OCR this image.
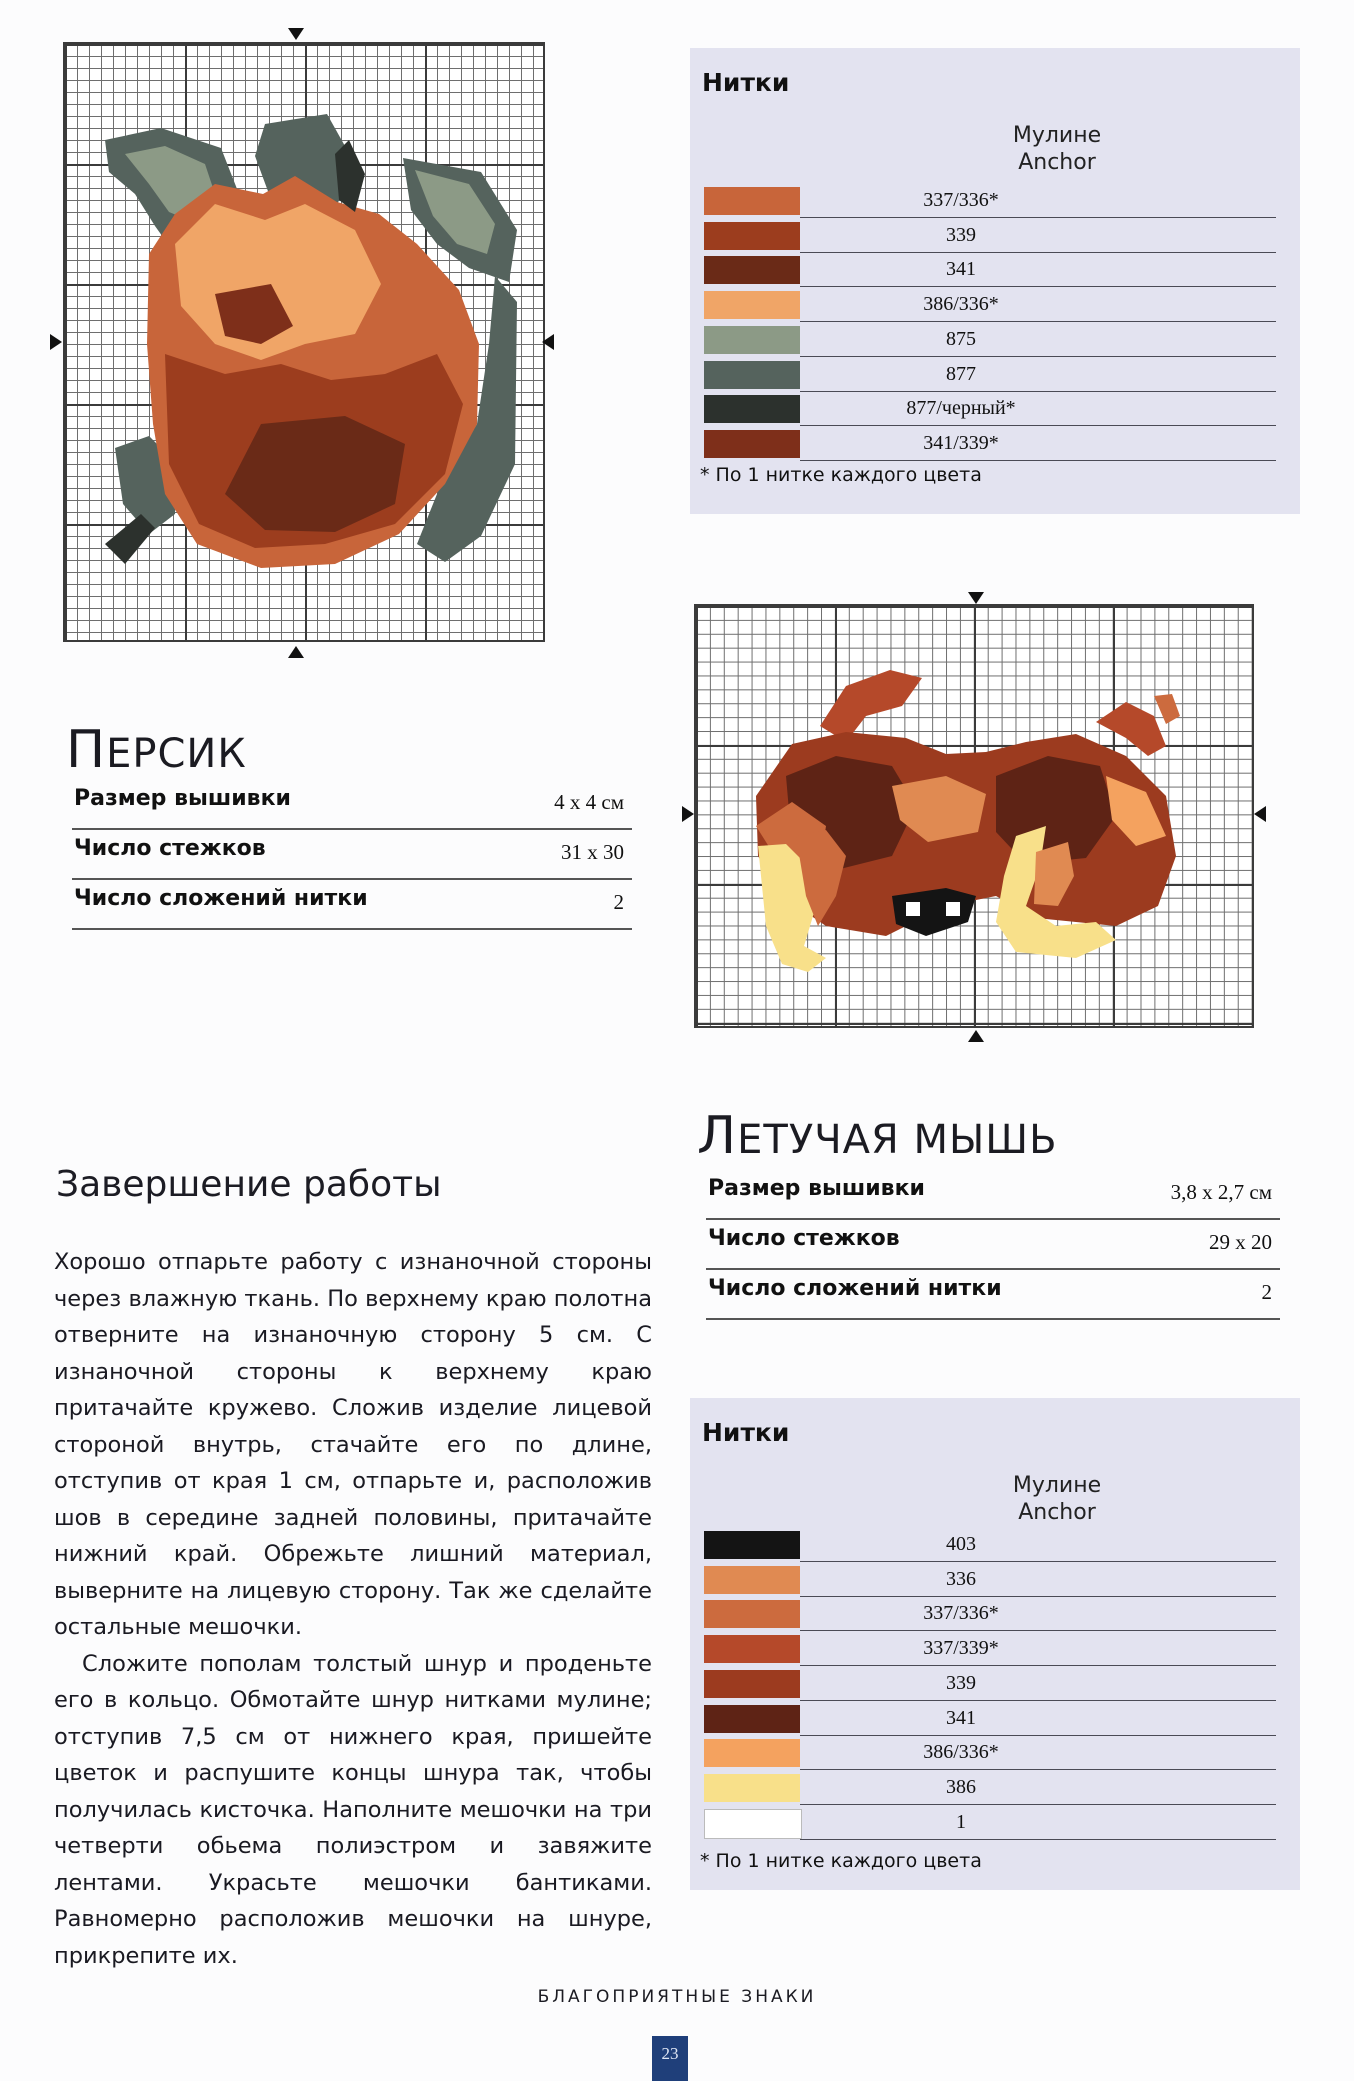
Нитки
Мулине
Anchor
337/336*
339
341
386/336*
875
877
877/черный*
341/339*
* По 1 нитке каждого цвета
ПЕРСИК
Размер вышивки	4 х 4 см
Число стежков	31 х 30
Число сложений нитки	2
ЛЕТУЧАЯ МЫШЬ
Размер вышивки	3,8 х 2,7 см
Число стежков	29 х 20
Число сложений нитки	2
Нитки
Мулине
Anchor
403
336
337/336*
337/339*
339
341
386/336*
386
1
* По 1 нитке каждого цвета
Завершение работы

Хорошо отпарьте работу с изнаночной стороны через влажную ткань. По верхнему краю полотна отверните на изнаночную сторону 5 см. С изнаночной стороны к верхнему краю притачайте кружево. Сложив изделие лицевой стороной внутрь, стачайте его по длине, отступив от края 1 см, отпарьте и, расположив шов в середине задней половины, притачайте нижний край. Обрежьте лишний материал, выверните на лицевую сторону. Так же сделайте остальные мешочки.

Сложите пополам толстый шнур и проденьте его в кольцо. Обмотайте шнур нитками мулине; отступив 7,5 см от нижнего края, пришейте цветок и распушите концы шнура так, чтобы получилась кисточка. Наполните мешочки на три четверти обьема полиэстром и завяжите лентами. Украсьте мешочки бантиками. Равномерно расположив мешочки на шнуре, прикрепите их.

БЛАГОПРИЯТНЫЕ ЗНАКИ
23
